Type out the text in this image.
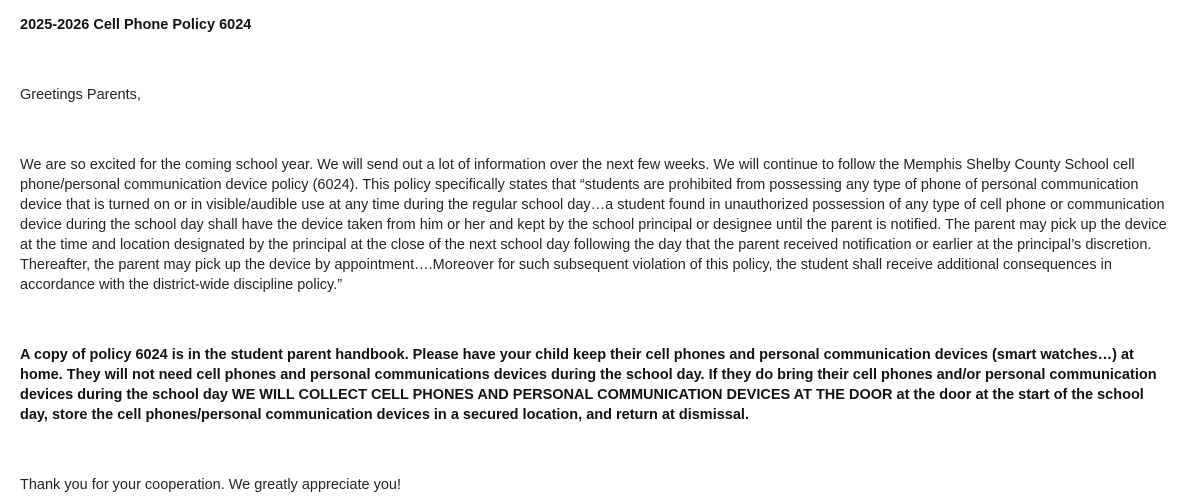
2025-2026 Cell Phone Policy 6024

Greetings Parents,

We are so excited for the coming school year. We will send out a lot of information over the next few weeks. We will continue to follow the Memphis Shelby County School cell phone/personal communication device policy (6024). This policy specifically states that “students are prohibited from possessing any type of phone of personal communication device that is turned on or in visible/audible use at any time during the regular school day…a student found in unauthorized possession of any type of cell phone or communication device during the school day shall have the device taken from him or her and kept by the school principal or designee until the parent is notified. The parent may pick up the device at the time and location designated by the principal at the close of the next school day following the day that the parent received notification or earlier at the principal’s discretion. Thereafter, the parent may pick up the device by appointment….Moreover for such subsequent violation of this policy, the student shall receive additional consequences in accordance with the district-wide discipline policy.”

A copy of policy 6024 is in the student parent handbook. Please have your child keep their cell phones and personal communication devices (smart watches…) at home. They will not need cell phones and personal communications devices during the school day. If they do bring their cell phones and/or personal communication devices during the school day WE WILL COLLECT CELL PHONES AND PERSONAL COMMUNICATION DEVICES AT THE DOOR at the door at the start of the school day, store the cell phones/personal communication devices in a secured location, and return at dismissal.

Thank you for your cooperation. We greatly appreciate you!
